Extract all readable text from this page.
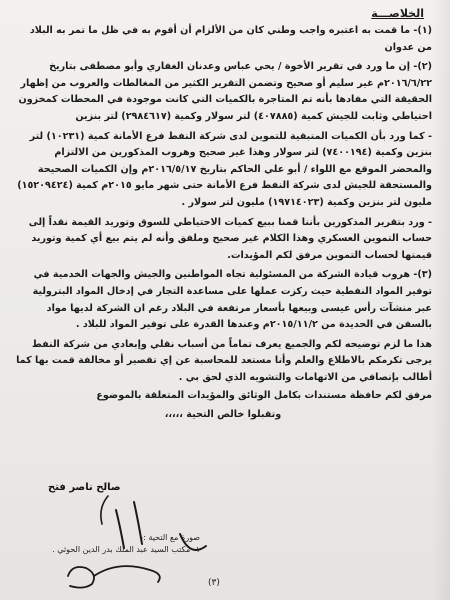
الخلاصـــة

(١)- ما قمت به اعتبره واجب وطني كان من الألزام أن أقوم به في ظل ما تمر به البلاد من عدوان

(٢)- إن ما ورد في تقرير الأخوة / يحي عباس وعدنان الغفاري وأبو مصطفى بتاريخ ٢٠١٦/٦/٢٢م غير سليم أو صحيح وتضمن التقرير الكثير من المغالطات والعروب من إظهار الحقيقة التي مفادها بأنه تم المتاجرة بالكميات التي كانت موجودة في المحطات كمخزون احتياطي وثابت للجيش كمية (٤٠٧٨٨٥) لتر سولار وكمية (٢٩٨٤٦١٧) لتر بنزين

- كما ورد بأن الكميات المتبقية للتموين لدى شركة النفط فرع الأمانة كمية (١٠٢٣١) لتر بنزين وكمية (٧٤٠٠١٩٤) لتر سولار وهذا غير صحيح وهروب المذكورين من الالتزام والمحضر الموقع مع اللواء / أبو علي الحاكم بتاريخ ٢٠١٦/٥/١٧م وإن الكميات الصحيحة والمستحقة للجيش لدى شركة النفط فرع الأمانة حتى شهر مايو ٢٠١٥م كمية (١٥٢٠٩٤٢٤) مليون لتر بنزين وكمية (١٩٧١٤٠٢٣) مليون لتر سولار .

- ورد بتقرير المذكورين بأننا قمنا ببيع كميات الاحتياطي للسوق وتوريد القيمة نقداً إلى حساب التموين العسكري وهذا الكلام غير صحيح وملفق وأنه لم يتم بيع أي كمية وتوريد قيمتها لحساب التموين مرفق لكم المؤيدات.

(٣)- هروب قيادة الشركة من المسئولية تجاه المواطنين والجيش والجهات الخدمية في توفير المواد النفطية حيث ركزت عملها على مساعدة التجار في إدخال المواد البترولية عبر منشآت رأس عيسى وبيعها بأسعار مرتفعة في البلاد رغم ان الشركة لديها مواد بالسفن في الحديدة من ٢٠١٥/١١/٢م وعندها القدرة على توفير المواد للبلاد .

هذا ما لزم توضيحه لكم والجميع يعرف تماماً من أسباب نقلي وإبعادي من شركة النفط يرجى تكرمكم بالاطلاع والعلم وأنا مستعد للمحاسبة عن إي تقصير أو مخالفة قمت بها كما أطالب بإنصافي من الاتهامات والتشويه الذي لحق بي .

مرفق لكم حافظة مستندات بكامل الوثائق والمؤيدات المتعلقة بالموضوع

وتقبلوا خالص التحية ،،،،،
صالح ناصر فتح
صورة مع التحية :-
١- مكتب السيد عبد الملك بدر الدين الحوثي .
(٣)
